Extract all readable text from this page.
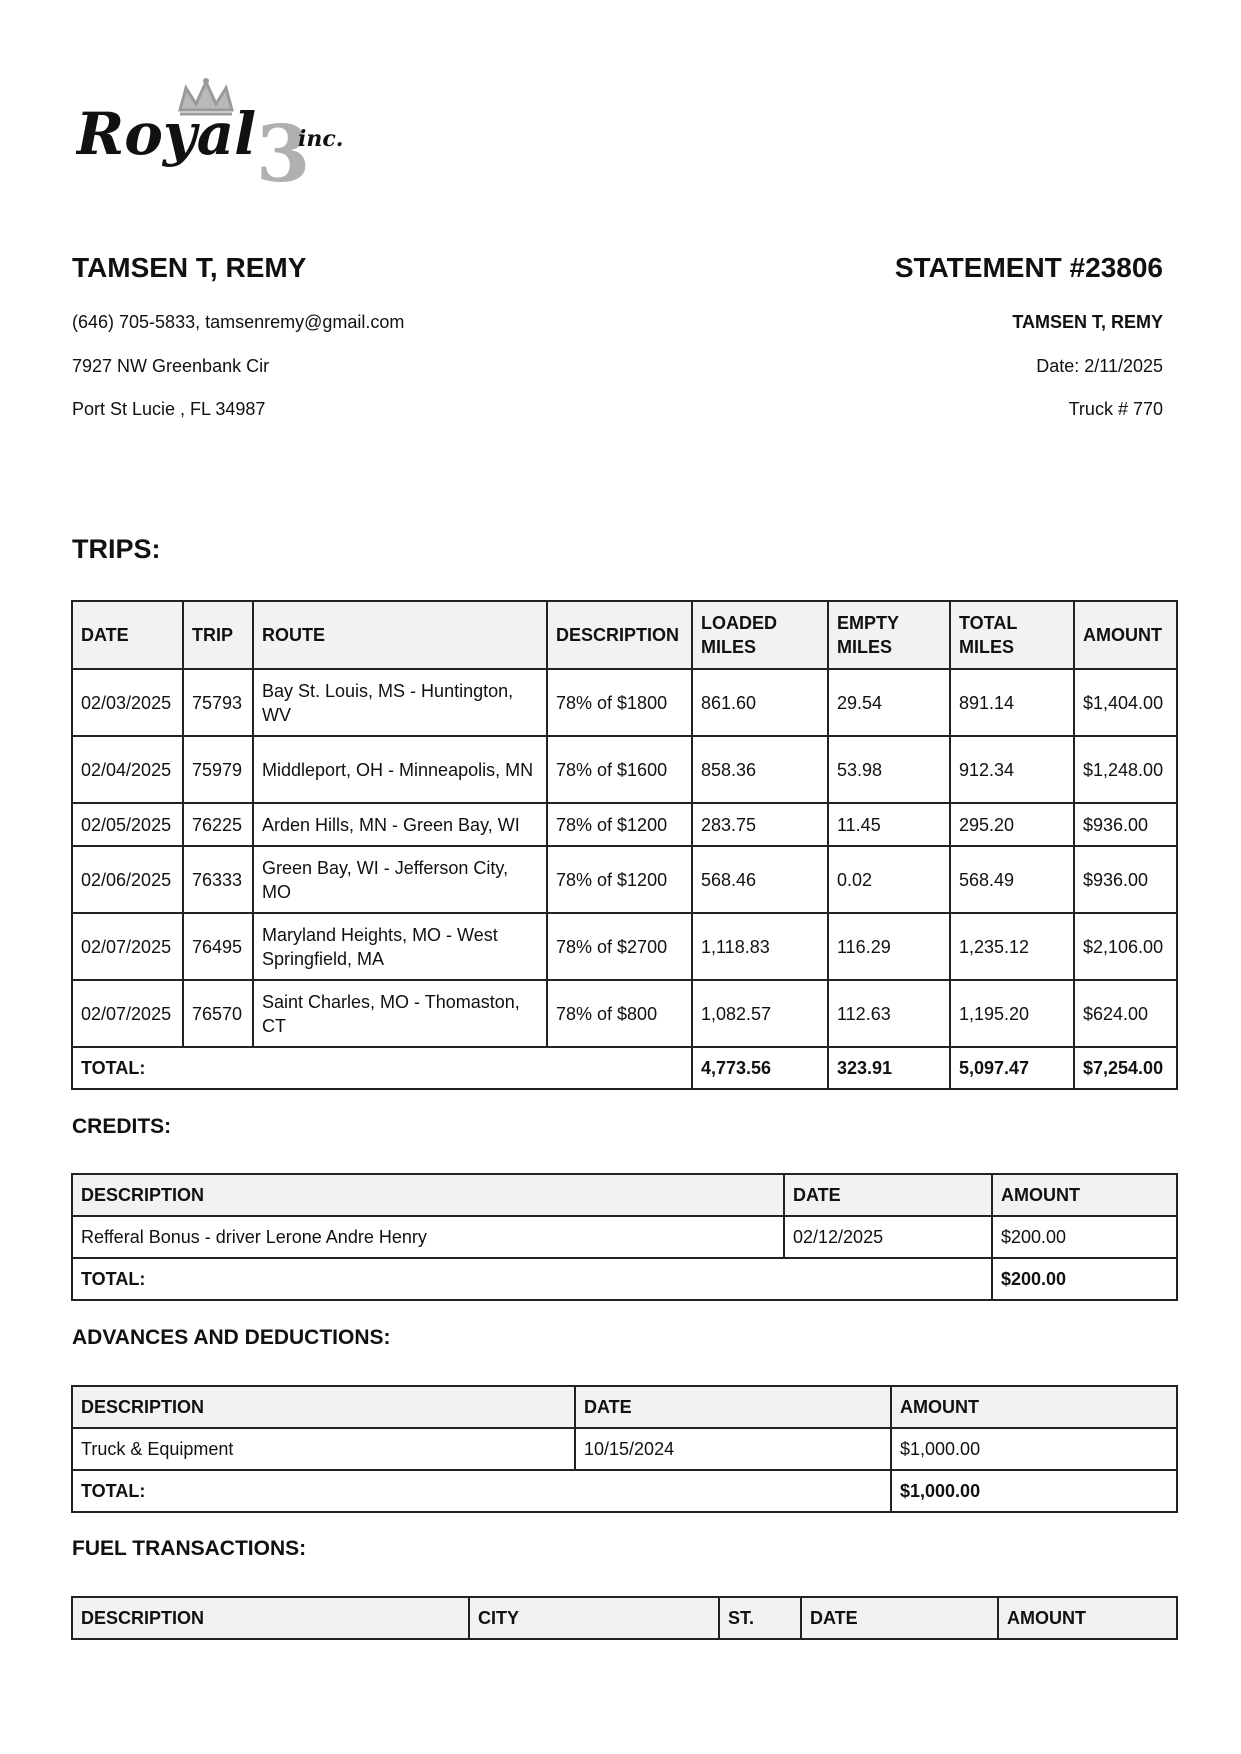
Royal 3
inc.
TAMSEN T, REMY
(646) 705-5833, tamsenremy@gmail.com
7927 NW Greenbank Cir
Port St Lucie , FL 34987
STATEMENT #23806
TAMSEN T, REMY
Date: 2/11/2025
Truck # 770
TRIPS:
DATE	TRIP	ROUTE	DESCRIPTION	LOADED MILES	EMPTY MILES	TOTAL MILES	AMOUNT
02/03/2025	75793	Bay St. Louis, MS - Huntington, WV	78% of $1800	861.60	29.54	891.14	$1,404.00
02/04/2025	75979	Middleport, OH - Minneapolis, MN	78% of $1600	858.36	53.98	912.34	$1,248.00
02/05/2025	76225	Arden Hills, MN - Green Bay, WI	78% of $1200	283.75	11.45	295.20	$936.00
02/06/2025	76333	Green Bay, WI - Jefferson City, MO	78% of $1200	568.46	0.02	568.49	$936.00
02/07/2025	76495	Maryland Heights, MO - West Springfield, MA	78% of $2700	1,118.83	116.29	1,235.12	$2,106.00
02/07/2025	76570	Saint Charles, MO - Thomaston, CT	78% of $800	1,082.57	112.63	1,195.20	$624.00
TOTAL:				4,773.56	323.91	5,097.47	$7,254.00
CREDITS:
DESCRIPTION	DATE	AMOUNT
Refferal Bonus - driver Lerone Andre Henry	02/12/2025	$200.00
TOTAL:		$200.00
ADVANCES AND DEDUCTIONS:
DESCRIPTION	DATE	AMOUNT
Truck & Equipment	10/15/2024	$1,000.00
TOTAL:		$1,000.00
FUEL TRANSACTIONS:
DESCRIPTION	CITY	ST.	DATE	AMOUNT
